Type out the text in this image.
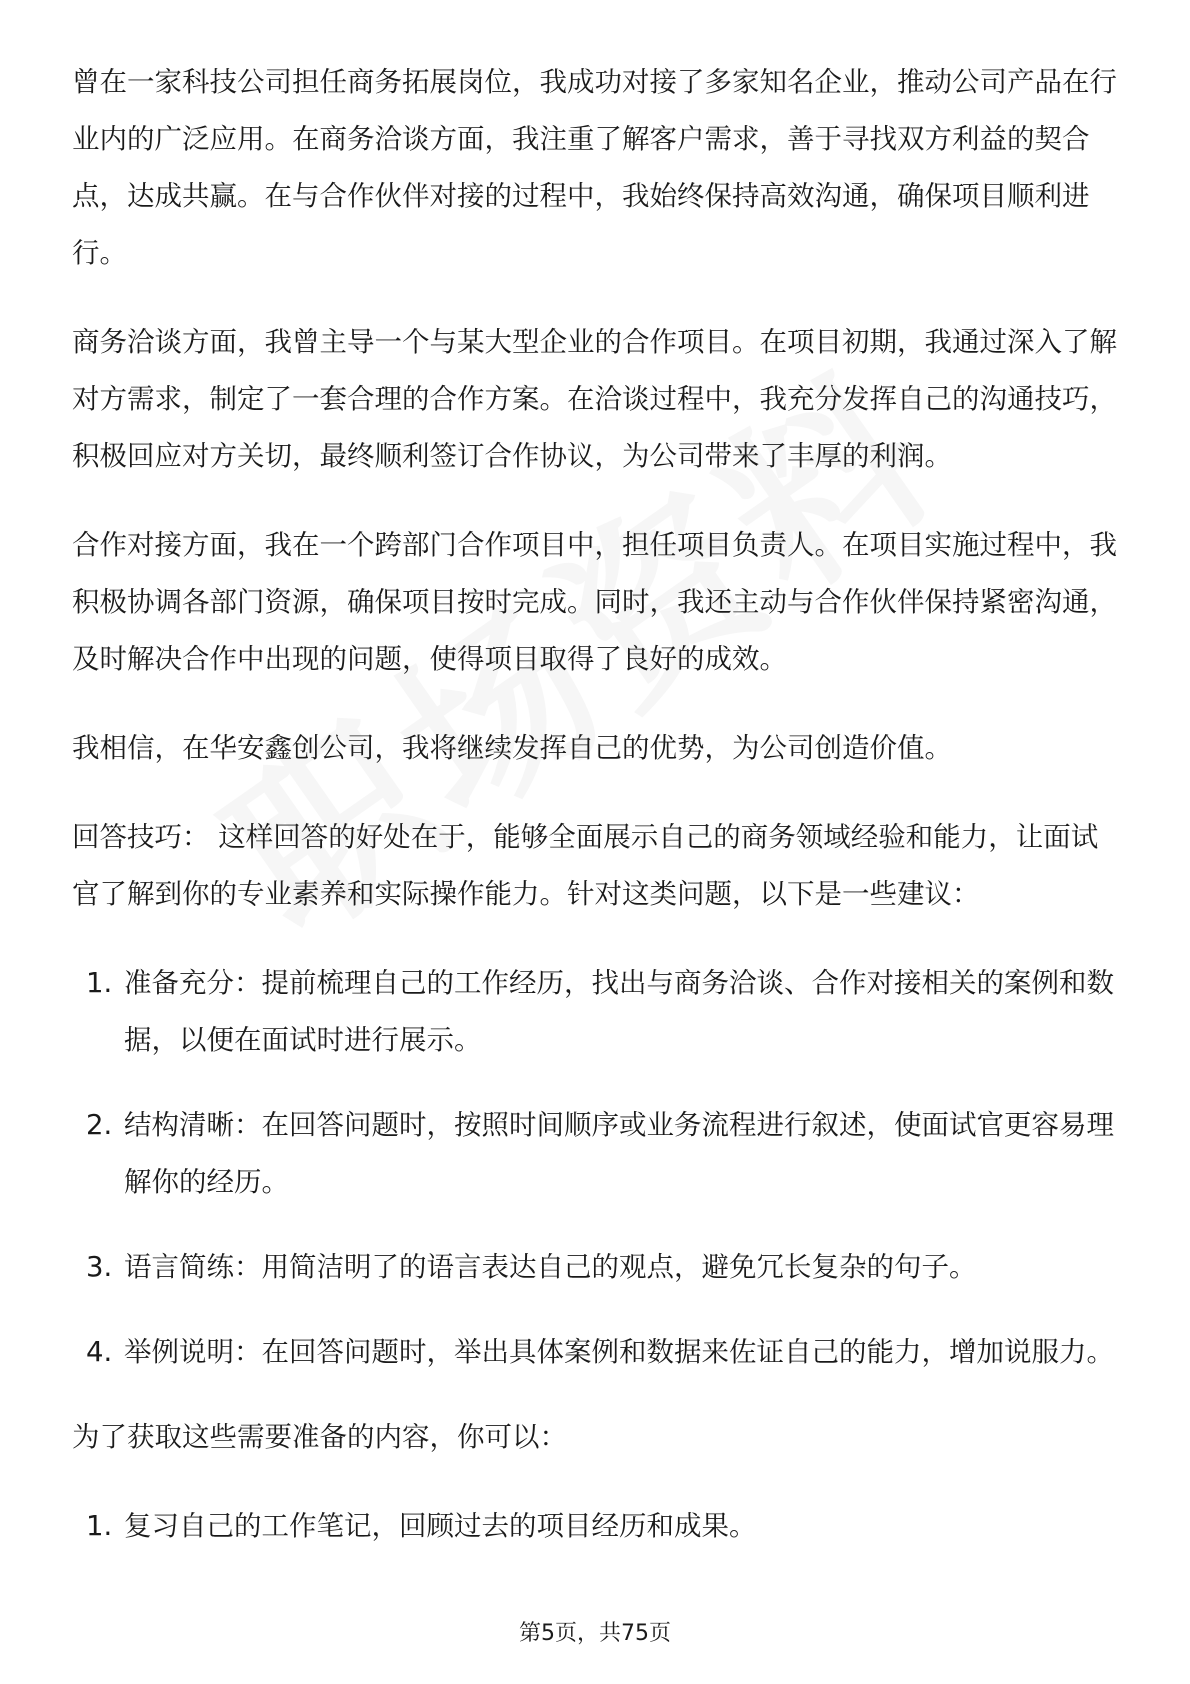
曾在一家科技公司担任商务拓展岗位，我成功对接了多家知名企业，推动公司产品在行业内的广泛应用。在商务洽谈方面，我注重了解客户需求，善于寻找双方利益的契合点，达成共赢。在与合作伙伴对接的过程中，我始终保持高效沟通，确保项目顺利进行。

商务洽谈方面，我曾主导一个与某大型企业的合作项目。在项目初期，我通过深入了解对方需求，制定了一套合理的合作方案。在洽谈过程中，我充分发挥自己的沟通技巧，积极回应对方关切，最终顺利签订合作协议，为公司带来了丰厚的利润。

合作对接方面，我在一个跨部门合作项目中，担任项目负责人。在项目实施过程中，我积极协调各部门资源，确保项目按时完成。同时，我还主动与合作伙伴保持紧密沟通，及时解决合作中出现的问题，使得项目取得了良好的成效。

我相信，在华安鑫创公司，我将继续发挥自己的优势，为公司创造价值。

回答技巧： 这样回答的好处在于，能够全面展示自己的商务领域经验和能力，让面试官了解到你的专业素养和实际操作能力。针对这类问题，以下是一些建议：

1. 准备充分：提前梳理自己的工作经历，找出与商务洽谈、合作对接相关的案例和数据，以便在面试时进行展示。
2. 结构清晰：在回答问题时，按照时间顺序或业务流程进行叙述，使面试官更容易理解你的经历。
3. 语言简练：用简洁明了的语言表达自己的观点，避免冗长复杂的句子。
4. 举例说明：在回答问题时，举出具体案例和数据来佐证自己的能力，增加说服力。

为了获取这些需要准备的内容，你可以：

1. 复习自己的工作笔记，回顾过去的项目经历和成果。
第5页，共75页
